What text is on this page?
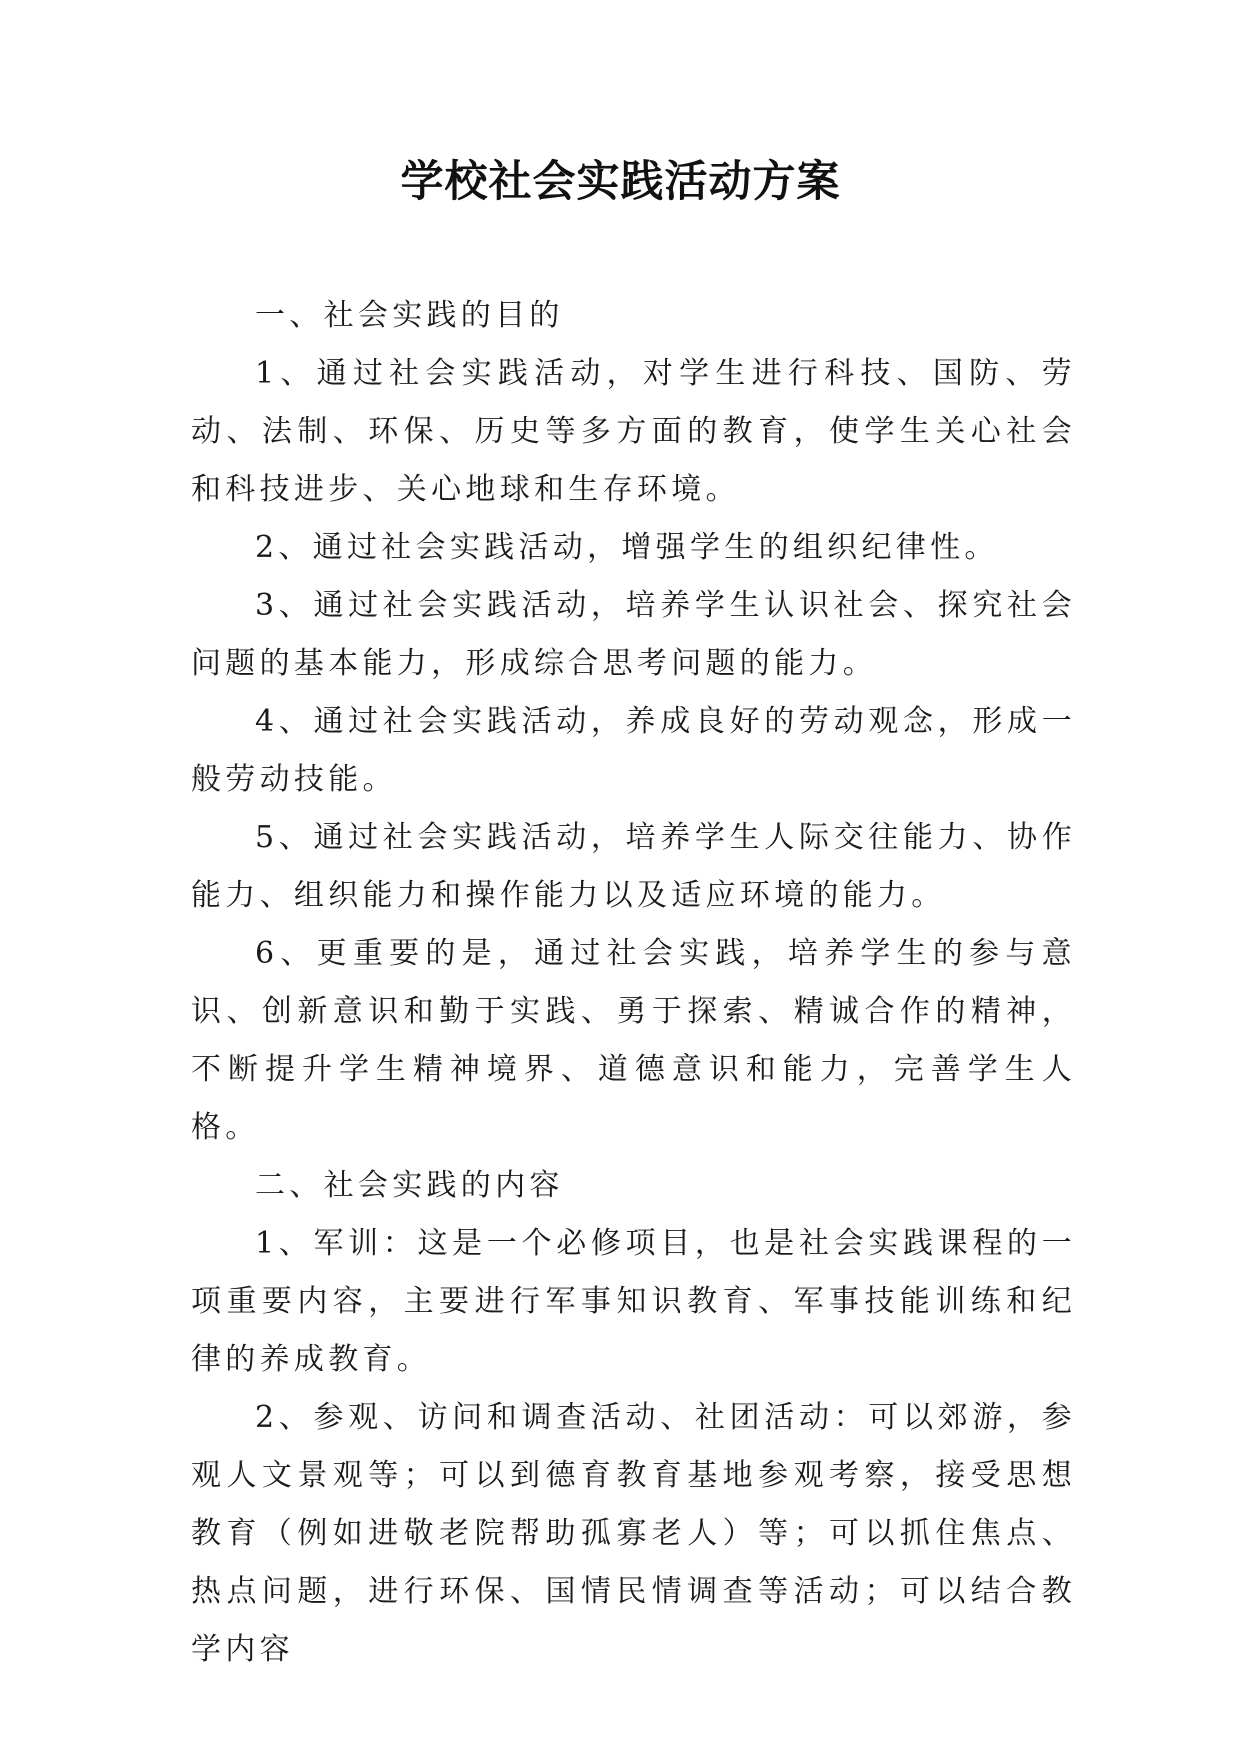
学校社会实践活动方案

一、社会实践的目的

1、通过社会实践活动，对学生进行科技、国防、劳动、法制、环保、历史等多方面的教育，使学生关心社会和科技进步、关心地球和生存环境。

2、通过社会实践活动，增强学生的组织纪律性。

3、通过社会实践活动，培养学生认识社会、探究社会问题的基本能力，形成综合思考问题的能力。

4、通过社会实践活动，养成良好的劳动观念，形成一般劳动技能。

5、通过社会实践活动，培养学生人际交往能力、协作能力、组织能力和操作能力以及适应环境的能力。

6、更重要的是，通过社会实践，培养学生的参与意识、创新意识和勤于实践、勇于探索、精诚合作的精神，不断提升学生精神境界、道德意识和能力，完善学生人格。

二、社会实践的内容

1、军训：这是一个必修项目，也是社会实践课程的一项重要内容，主要进行军事知识教育、军事技能训练和纪律的养成教育。

2、参观、访问和调查活动、社团活动：可以郊游，参观人文景观等；可以到德育教育基地参观考察，接受思想教育（例如进敬老院帮助孤寡老人）等；可以抓住焦点、热点问题，进行环保、国情民情调查等活动；可以结合教学内容
